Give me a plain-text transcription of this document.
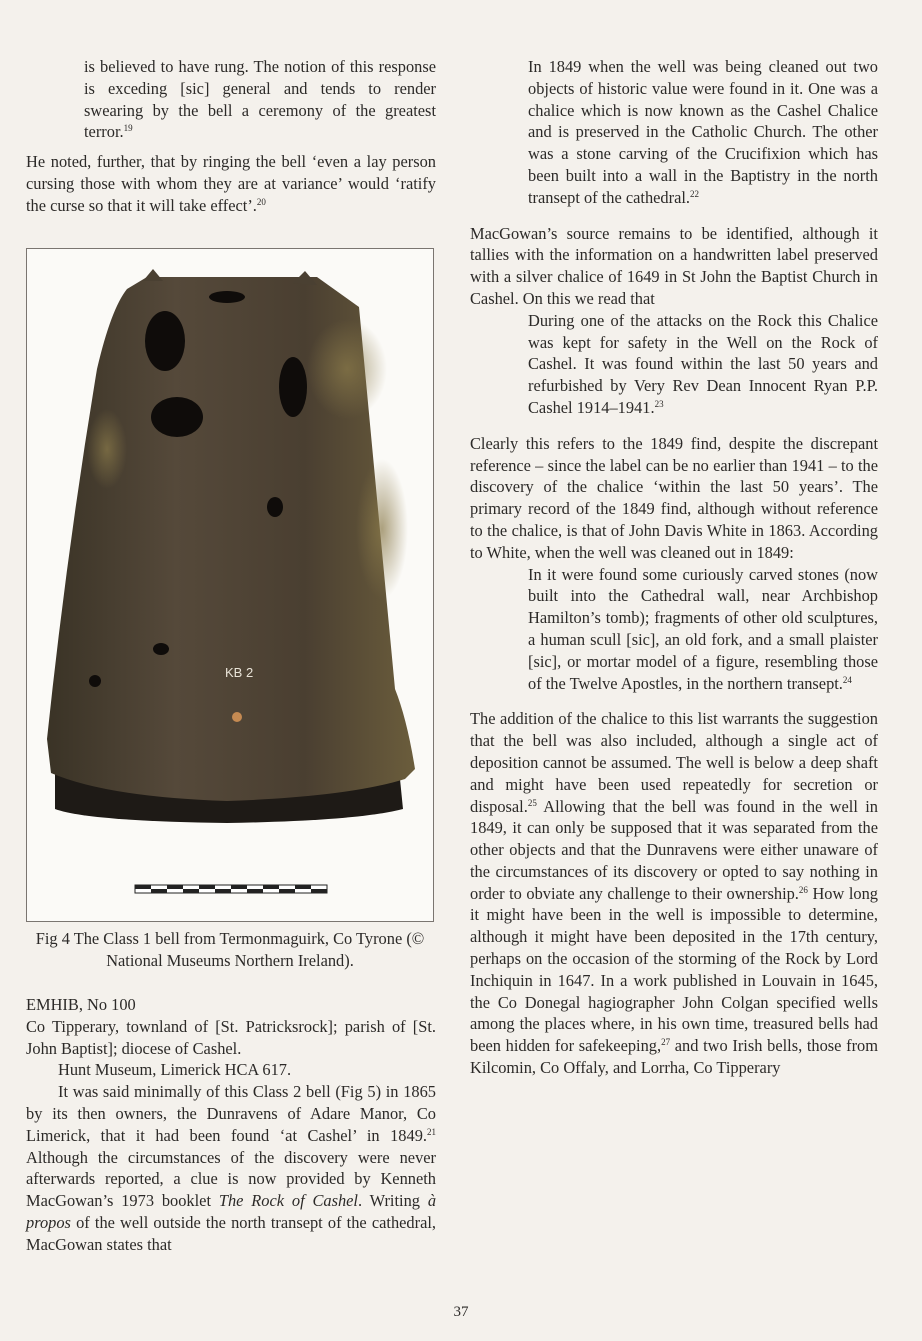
is believed to have rung. The notion of this response is exceding [sic] general and tends to render swearing by the bell a ceremony of the greatest terror.$^{19}$

He noted, further, that by ringing the bell ‘even a lay person cursing those with whom they are at variance’ would ‘ratify the curse so that it will take effect’.$^{20}$

KB 2
Fig 4 The Class 1 bell from Termonmaguirk, Co Tyrone (© National Museums Northern Ireland).

EMHIB, No 100

Co Tipperary, townland of [St. Patricksrock]; parish of [St. John Baptist]; diocese of Cashel.

Hunt Museum, Limerick HCA 617.

It was said minimally of this Class 2 bell (Fig 5) in 1865 by its then owners, the Dunravens of Adare Manor, Co Limerick, that it had been found ‘at Cashel’ in 1849.21 Although the circumstances of the discovery were never afterwards reported, a clue is now provided by Kenneth MacGowan’s 1973 booklet The Rock of Cashel. Writing à propos of the well outside the north transept of the cathedral, MacGowan states that

In 1849 when the well was being cleaned out two objects of historic value were found in it. One was a chalice which is now known as the Cashel Chalice and is preserved in the Catholic Church. The other was a stone carving of the Crucifixion which has been built into a wall in the Baptistry in the north transept of the cathedral.$^{22}$

MacGowan’s source remains to be identified, although it tallies with the information on a handwritten label preserved with a silver chalice of 1649 in St John the Baptist Church in Cashel. On this we read that

During one of the attacks on the Rock this Chalice was kept for safety in the Well on the Rock of Cashel. It was found within the last 50 years and refurbished by Very Rev Dean Innocent Ryan P.P. Cashel 1914–1941.23

Clearly this refers to the 1849 find, despite the discrepant reference – since the label can be no earlier than 1941 – to the discovery of the chalice ‘within the last 50 years’. The primary record of the 1849 find, although without reference to the chalice, is that of John Davis White in 1863. According to White, when the well was cleaned out in 1849:

In it were found some curiously carved stones (now built into the Cathedral wall, near Archbishop Hamilton’s tomb); fragments of other old sculptures, a human scull [sic], an old fork, and a small plaister [sic], or mortar model of a figure, resembling those of the Twelve Apostles, in the northern transept.$^{24}$

The addition of the chalice to this list warrants the suggestion that the bell was also included, although a single act of deposition cannot be assumed. The well is below a deep shaft and might have been used repeatedly for secretion or disposal.$^{25}$ Allowing that the bell was found in the well in 1849, it can only be supposed that it was separated from the other objects and that the Dunravens were either unaware of the circumstances of its discovery or opted to say nothing in order to obviate any challenge to their ownership.$^{26}$ How long it might have been in the well is impossible to determine, although it might have been deposited in the 17th century, perhaps on the occasion of the storming of the Rock by Lord Inchiquin in 1647. In a work published in Louvain in 1645, the Co Donegal hagiographer John Colgan specified wells among the places where, in his own time, treasured bells had been hidden for safekeeping,$^{27}$ and two Irish bells, those from Kilcomin, Co Offaly, and Lorrha, Co Tipperary

37
